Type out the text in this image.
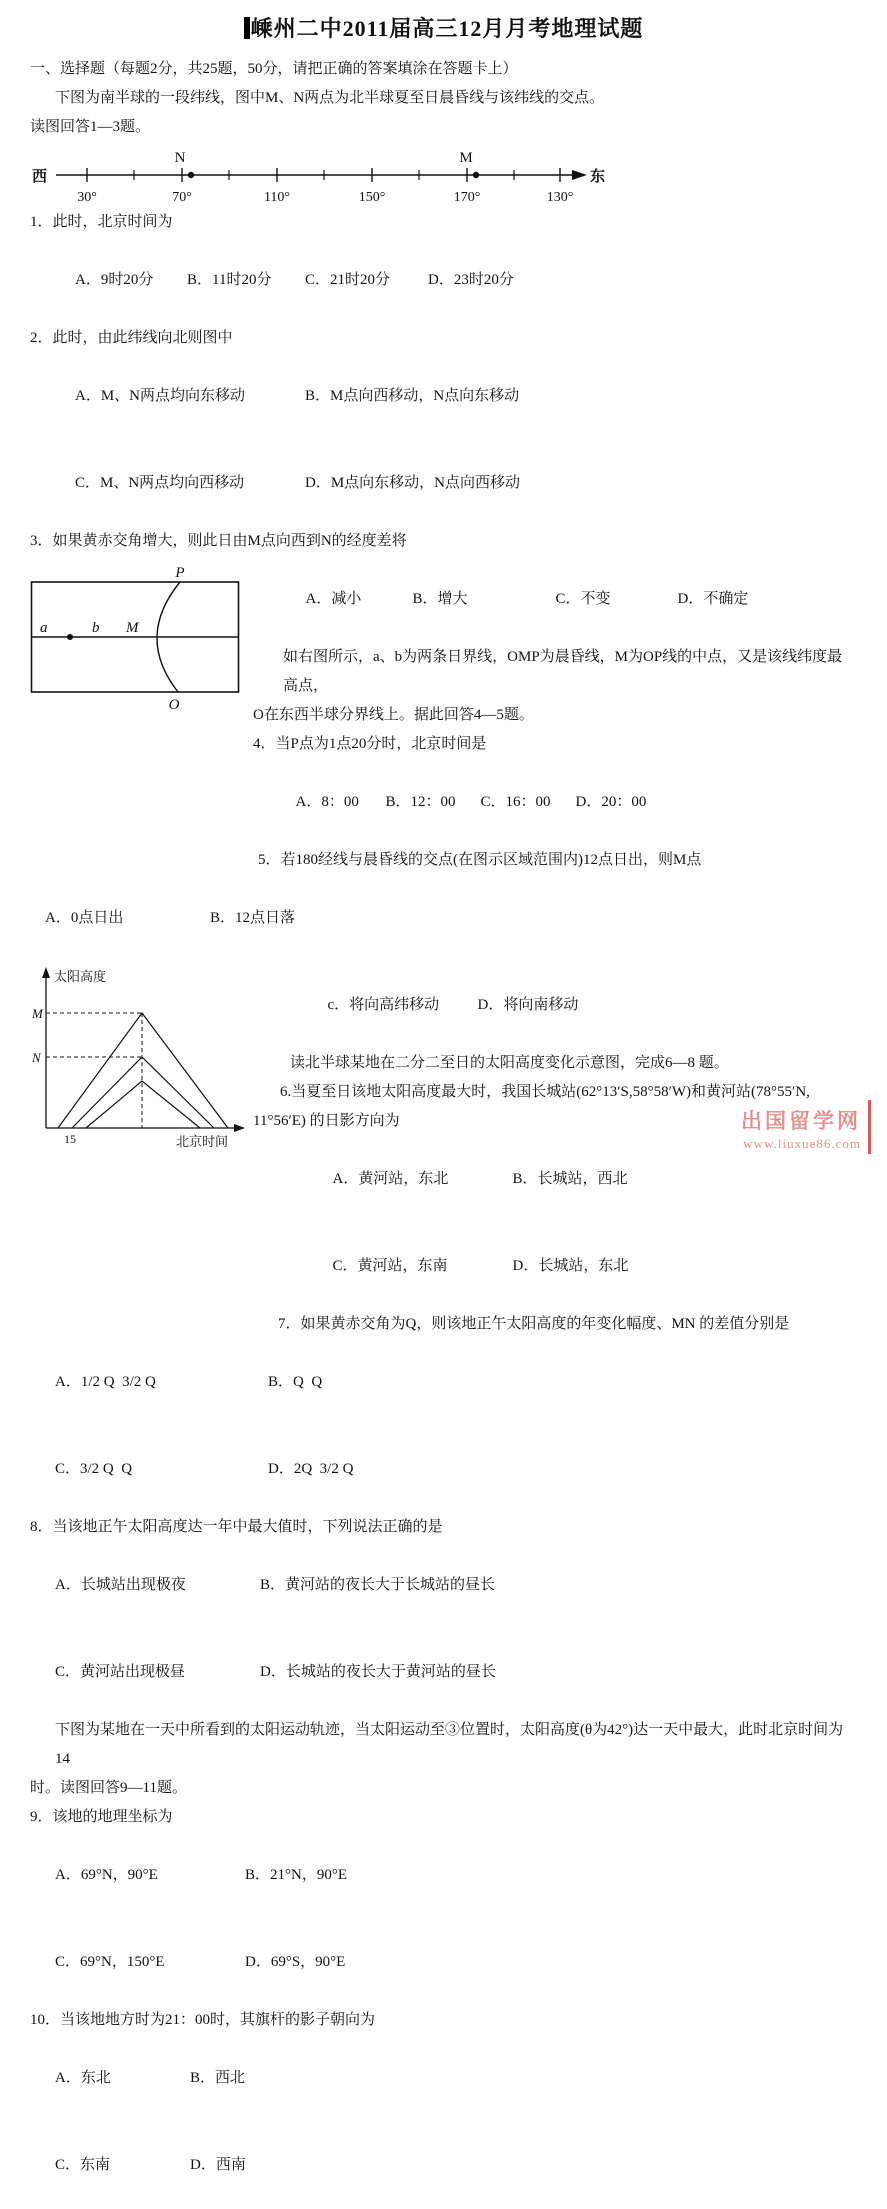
嵊州二中2011届高三12月月考地理试题
一、选择题（每题2分，共25题，50分，请把正确的答案填涂在答题卡上）
下图为南半球的一段纬线，图中M、N两点为北半球夏至日晨昏线与该纬线的交点。
读图回答1—3题。
西	东
30°	70°	110°	150°	170°	130°
N	M
1．此时，北京时间为

A．9时20分 B．11时20分 C．21时20分	D．23时20分

2．此时，由此纬线向北则图中

A．M、N两点均向东移动	B．M点向西移动，N点向东移动

C．M、N两点均向西移动	D．M点向东移动，N点向西移动

3．如果黄赤交角增大，则此日由M点向西到N的经度差将
P
O
a	b M

A．减小	B．增大	C．不变	D．不确定

如右图所示，a、b为两条日界线，OMP为晨昏线，M为OP线的中点，又是该线纬度最高点，
O在东西半球分界线上。据此回答4—5题。
4．当P点为1点20分时，北京时间是

A．8：00 B．12：00 C．16：00 D．20：00

5．若180经线与晨昏线的交点(在图示区域范围内)12点日出，则M点

A．0点日出	B．12点日落

太阳高度
北京时间
M
N
15

c．将向高纬移动	D．将向南移动

读北半球某地在二分二至日的太阳高度变化示意图，完成6—8 题。
6.当夏至日该地太阳高度最大时，我国长城站(62°13′S,58°58′W)和黄河站(78°55′N,
11°56′E) 的日影方向为

A．黄河站，东北	B．长城站，西北

C．黄河站，东南	D．长城站，东北

7．如果黄赤交角为Q，则该地正午太阳高度的年变化幅度、MN 的差值分别是

A．1/2 Q  3/2 Q	B．Q  Q

C．3/2 Q  Q	D．2Q  3/2 Q

8．当该地正午太阳高度达一年中最大值时，下列说法正确的是

A．长城站出现极夜	B．黄河站的夜长大于长城站的昼长

C．黄河站出现极昼	D．长城站的夜长大于黄河站的昼长

下图为某地在一天中所看到的太阳运动轨迹，当太阳运动至③位置时，太阳高度(θ为42°)达一天中最大，此时北京时间为14
时。读图回答9—11题。
9．该地的地理坐标为

A．69°N，90°E	B．21°N，90°E

C．69°N，150°E	D．69°S，90°E

10．当该地地方时为21：00时，其旗杆的影子朝向为

A．东北	B．西北

C．东南	D．西南

出国留学网
www.liuxue86.com
